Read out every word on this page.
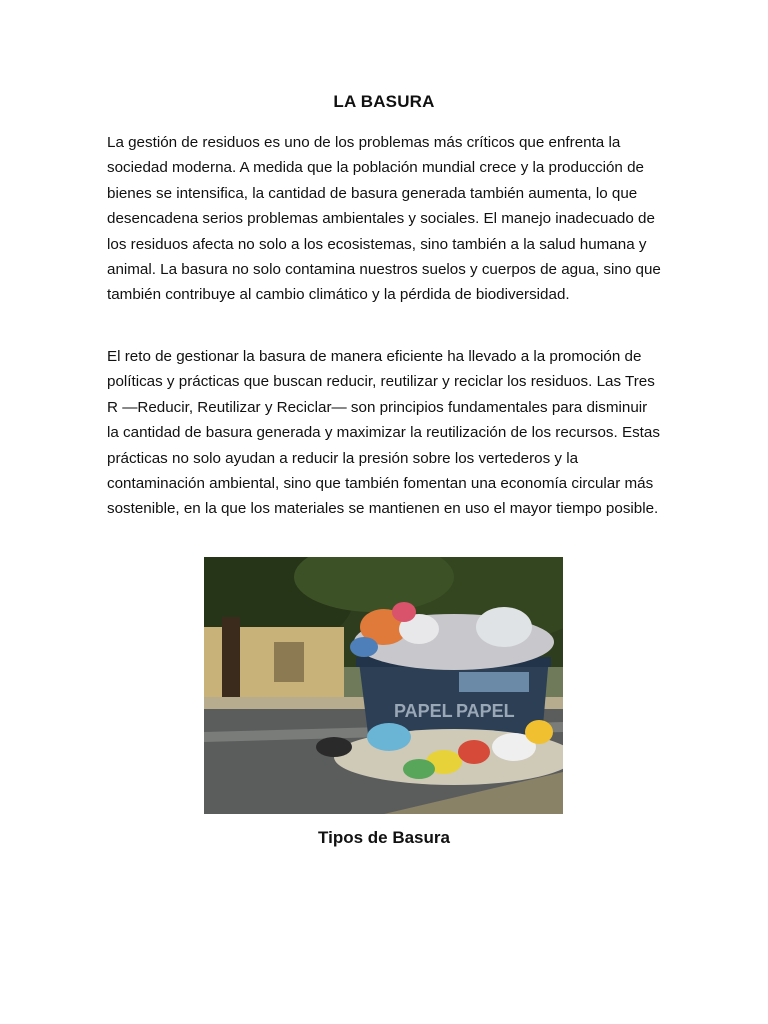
LA BASURA

La gestión de residuos es uno de los problemas más críticos que enfrenta la sociedad moderna. A medida que la población mundial crece y la producción de bienes se intensifica, la cantidad de basura generada también aumenta, lo que desencadena serios problemas ambientales y sociales. El manejo inadecuado de los residuos afecta no solo a los ecosistemas, sino también a la salud humana y animal. La basura no solo contamina nuestros suelos y cuerpos de agua, sino que también contribuye al cambio climático y la pérdida de biodiversidad.

El reto de gestionar la basura de manera eficiente ha llevado a la promoción de políticas y prácticas que buscan reducir, reutilizar y reciclar los residuos. Las Tres R —Reducir, Reutilizar y Reciclar— son principios fundamentales para disminuir la cantidad de basura generada y maximizar la reutilización de los recursos. Estas prácticas no solo ayudan a reducir la presión sobre los vertederos y la contaminación ambiental, sino que también fomentan una economía circular más sostenible, en la que los materiales se mantienen en uso el mayor tiempo posible.

PAPEL PAPEL
Tipos de Basura
